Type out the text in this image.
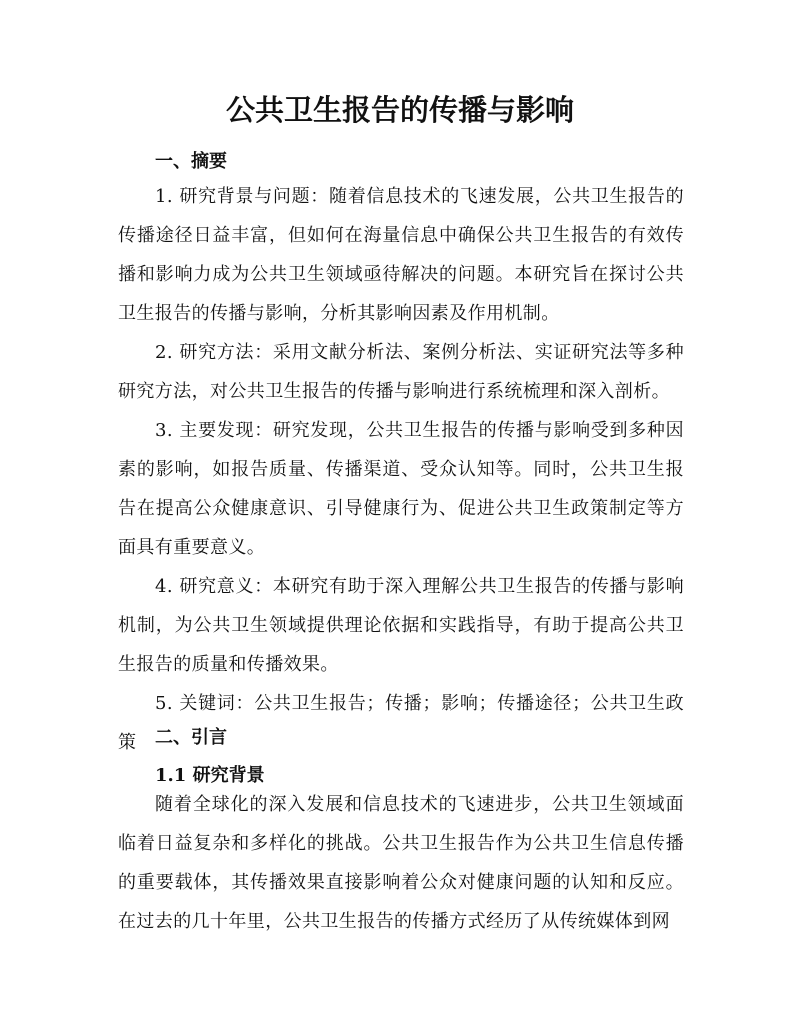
公共卫生报告的传播与影响
一、摘要

1. 研究背景与问题：随着信息技术的飞速发展，公共卫生报告的传播途径日益丰富，但如何在海量信息中确保公共卫生报告的有效传播和影响力成为公共卫生领域亟待解决的问题。本研究旨在探讨公共卫生报告的传播与影响，分析其影响因素及作用机制。

2. 研究方法：采用文献分析法、案例分析法、实证研究法等多种研究方法，对公共卫生报告的传播与影响进行系统梳理和深入剖析。

3. 主要发现：研究发现，公共卫生报告的传播与影响受到多种因素的影响，如报告质量、传播渠道、受众认知等。同时，公共卫生报告在提高公众健康意识、引导健康行为、促进公共卫生政策制定等方面具有重要意义。

4. 研究意义：本研究有助于深入理解公共卫生报告的传播与影响机制，为公共卫生领域提供理论依据和实践指导，有助于提高公共卫生报告的质量和传播效果。

5. 关键词：公共卫生报告；传播；影响；传播途径；公共卫生政策	二、引言
1.1 研究背景

随着全球化的深入发展和信息技术的飞速进步，公共卫生领域面临着日益复杂和多样化的挑战。公共卫生报告作为公共卫生信息传播的重要载体，其传播效果直接影响着公众对健康问题的认知和反应。在过去的几十年里，公共卫生报告的传播方式经历了从传统媒体到网
